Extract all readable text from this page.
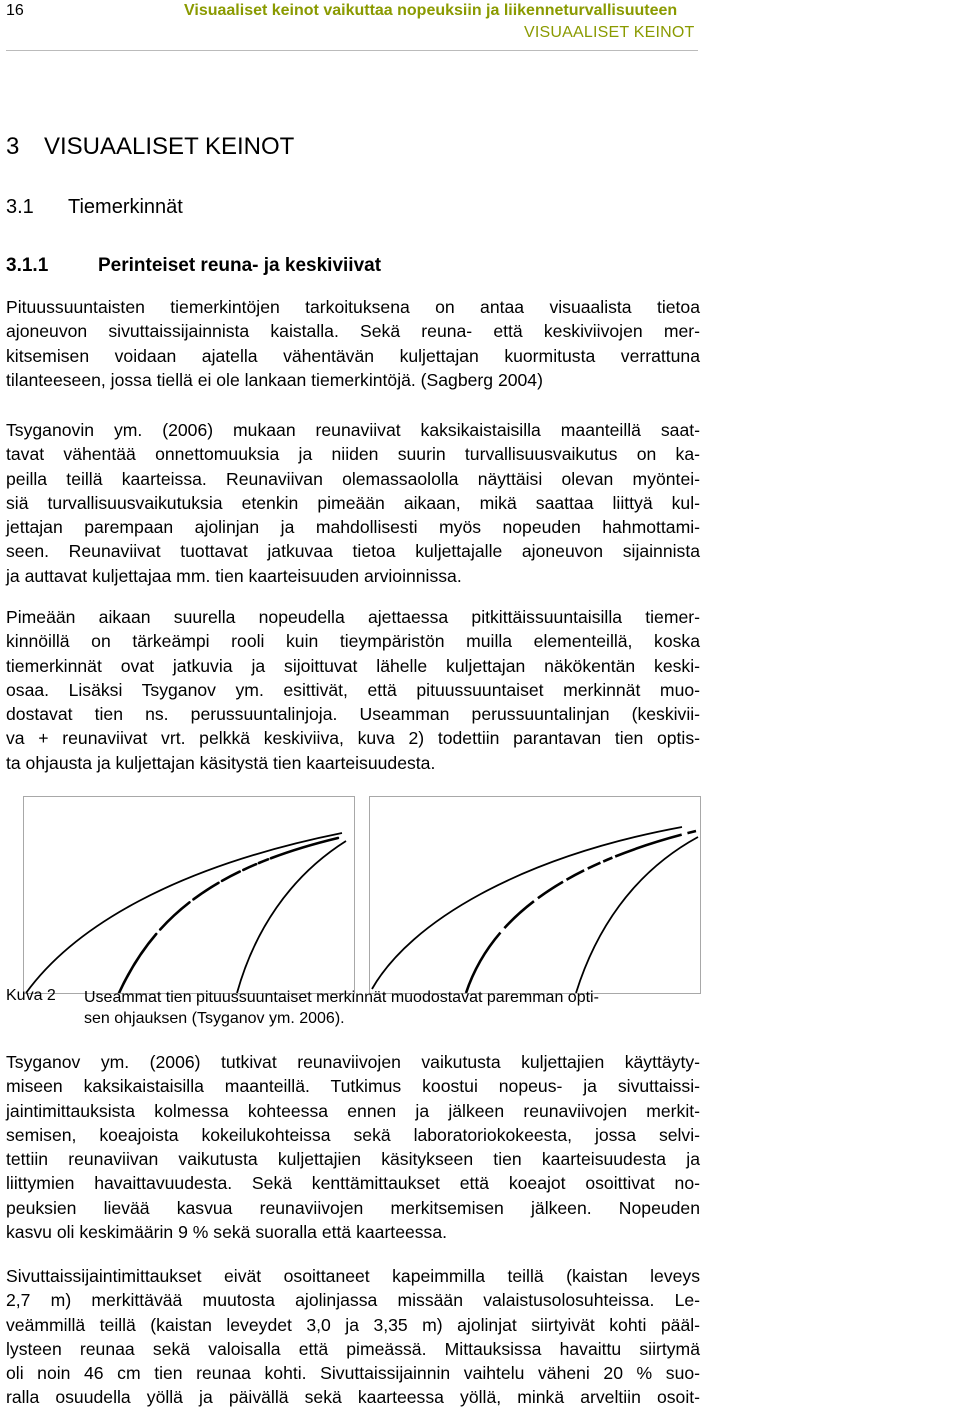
16	Visuaaliset keinot vaikuttaa nopeuksiin ja liikenneturvallisuuteen
VISUAALISET KEINOT
3 VISUAALISET KEINOT
3.1 Tiemerkinnät
3.1.1	Perinteiset reuna- ja keskiviivat
Pituussuuntaisten tiemerkintöjen tarkoituksena on antaa visuaalista tietoa
ajoneuvon sivuttaissijainnista kaistalla. Sekä reuna- että keskiviivojen mer-
kitsemisen voidaan ajatella vähentävän kuljettajan kuormitusta verrattuna
tilanteeseen, jossa tiellä ei ole lankaan tiemerkintöjä. (Sagberg 2004)
Tsyganovin ym. (2006) mukaan reunaviivat kaksikaistaisilla maanteillä saat-
tavat vähentää onnettomuuksia ja niiden suurin turvallisuusvaikutus on ka-
peilla teillä kaarteissa. Reunaviivan olemassaololla näyttäisi olevan myöntei-
siä turvallisuusvaikutuksia etenkin pimeään aikaan, mikä saattaa liittyä kul-
jettajan parempaan ajolinjan ja mahdollisesti myös nopeuden hahmottami-
seen. Reunaviivat tuottavat jatkuvaa tietoa kuljettajalle ajoneuvon sijainnista
ja auttavat kuljettajaa mm. tien kaarteisuuden arvioinnissa.
Pimeään aikaan suurella nopeudella ajettaessa pitkittäissuuntaisilla tiemer-
kinnöillä on tärkeämpi rooli kuin tieympäristön muilla elementeillä, koska
tiemerkinnät ovat jatkuvia ja sijoittuvat lähelle kuljettajan näkökentän keski-
osaa. Lisäksi Tsyganov ym. esittivät, että pituussuuntaiset merkinnät muo-
dostavat tien ns. perussuuntalinjoja. Useamman perussuuntalinjan (keskivii-
va + reunaviivat vrt. pelkkä keskiviiva, kuva 2) todettiin parantavan tien optis-
ta ohjausta ja kuljettajan käsitystä tien kaarteisuudesta.
Kuva 2 Useammat tien pituussuuntaiset merkinnät muodostavat paremman opti-
sen ohjauksen (Tsyganov ym. 2006).
Tsyganov ym. (2006) tutkivat reunaviivojen vaikutusta kuljettajien käyttäyty-
miseen kaksikaistaisilla maanteillä. Tutkimus koostui nopeus- ja sivuttaissi-
jaintimittauksista kolmessa kohteessa ennen ja jälkeen reunaviivojen merkit-
semisen, koeajoista kokeilukohteissa sekä laboratoriokokeesta, jossa selvi-
tettiin reunaviivan vaikutusta kuljettajien käsitykseen tien kaarteisuudesta ja
liittymien havaittavuudesta. Sekä kenttämittaukset että koeajot osoittivat no-
peuksien lievää kasvua reunaviivojen merkitsemisen jälkeen. Nopeuden
kasvu oli keskimäärin 9 % sekä suoralla että kaarteessa.
Sivuttaissijaintimittaukset eivät osoittaneet kapeimmilla teillä (kaistan leveys
2,7 m) merkittävää muutosta ajolinjassa missään valaistusolosuhteissa. Le-
veämmillä teillä (kaistan leveydet 3,0 ja 3,35 m) ajolinjat siirtyivät kohti pääl-
lysteen reunaa sekä valoisalla että pimeässä. Mittauksissa havaittu siirtymä
oli noin 46 cm tien reunaa kohti. Sivuttaissijainnin vaihtelu väheni 20 % suo-
ralla osuudella yöllä ja päivällä sekä kaarteessa yöllä, minkä arveltiin osoit-
